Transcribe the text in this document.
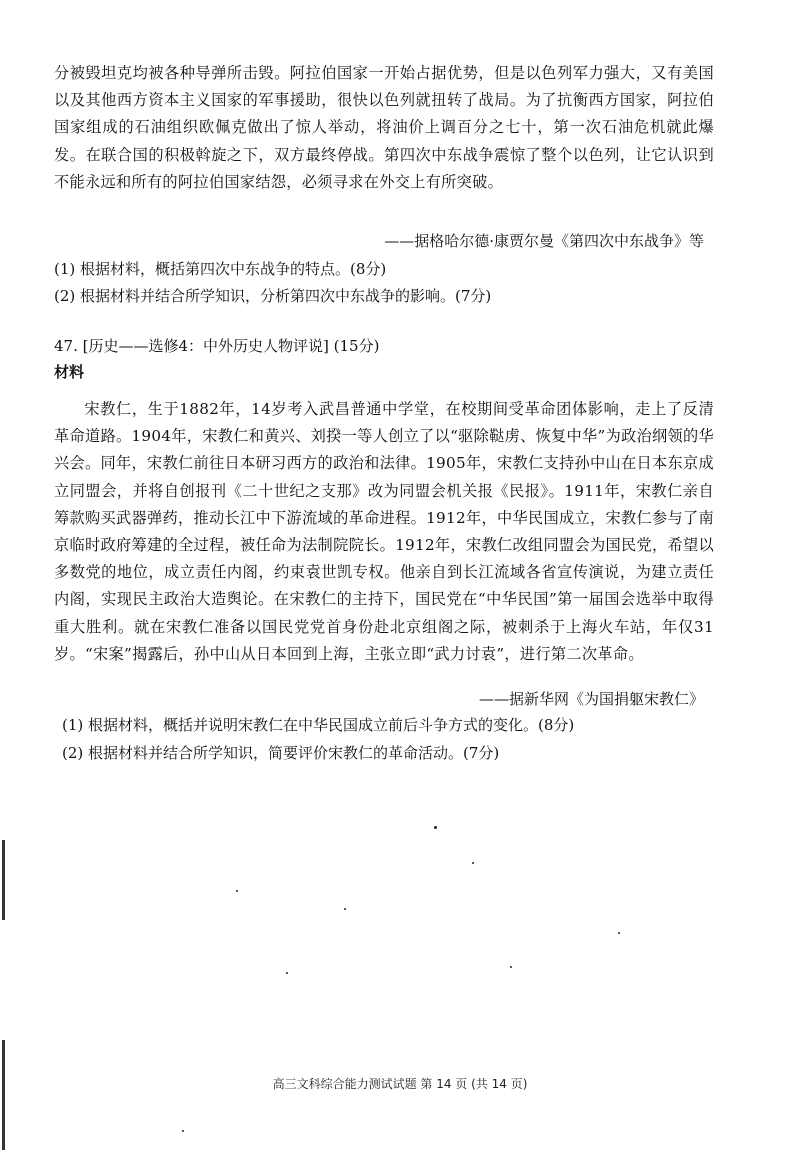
分被毁坦克均被各种导弹所击毁。阿拉伯国家一开始占据优势，但是以色列军力强大，又有美国以及其他西方资本主义国家的军事援助，很快以色列就扭转了战局。为了抗衡西方国家，阿拉伯国家组成的石油组织欧佩克做出了惊人举动，将油价上调百分之七十，第一次石油危机就此爆发。在联合国的积极斡旋之下，双方最终停战。第四次中东战争震惊了整个以色列，让它认识到不能永远和所有的阿拉伯国家结怨，必须寻求在外交上有所突破。
——据格哈尔德·康贾尔曼《第四次中东战争》等
(1) 根据材料，概括第四次中东战争的特点。(8分)
(2) 根据材料并结合所学知识，分析第四次中东战争的影响。(7分)
47. [历史——选修4：中外历史人物评说] (15分)
材料
宋教仁，生于1882年，14岁考入武昌普通中学堂，在校期间受革命团体影响，走上了反清革命道路。1904年，宋教仁和黄兴、刘揆一等人创立了以“驱除鞑虏、恢复中华”为政治纲领的华兴会。同年，宋教仁前往日本研习西方的政治和法律。1905年，宋教仁支持孙中山在日本东京成立同盟会，并将自创报刊《二十世纪之支那》改为同盟会机关报《民报》。1911年，宋教仁亲自筹款购买武器弹药，推动长江中下游流域的革命进程。1912年，中华民国成立，宋教仁参与了南京临时政府筹建的全过程，被任命为法制院院长。1912年，宋教仁改组同盟会为国民党，希望以多数党的地位，成立责任内阁，约束袁世凯专权。他亲自到长江流域各省宣传演说，为建立责任内阁，实现民主政治大造舆论。在宋教仁的主持下，国民党在“中华民国”第一届国会选举中取得重大胜利。就在宋教仁准备以国民党党首身份赴北京组阁之际，被刺杀于上海火车站，年仅31岁。“宋案”揭露后，孙中山从日本回到上海，主张立即“武力讨袁”，进行第二次革命。
——据新华网《为国捐躯宋教仁》
(1) 根据材料，概括并说明宋教仁在中华民国成立前后斗争方式的变化。(8分)
(2) 根据材料并结合所学知识，简要评价宋教仁的革命活动。(7分)
高三文科综合能力测试试题 第 14 页 (共 14 页)
